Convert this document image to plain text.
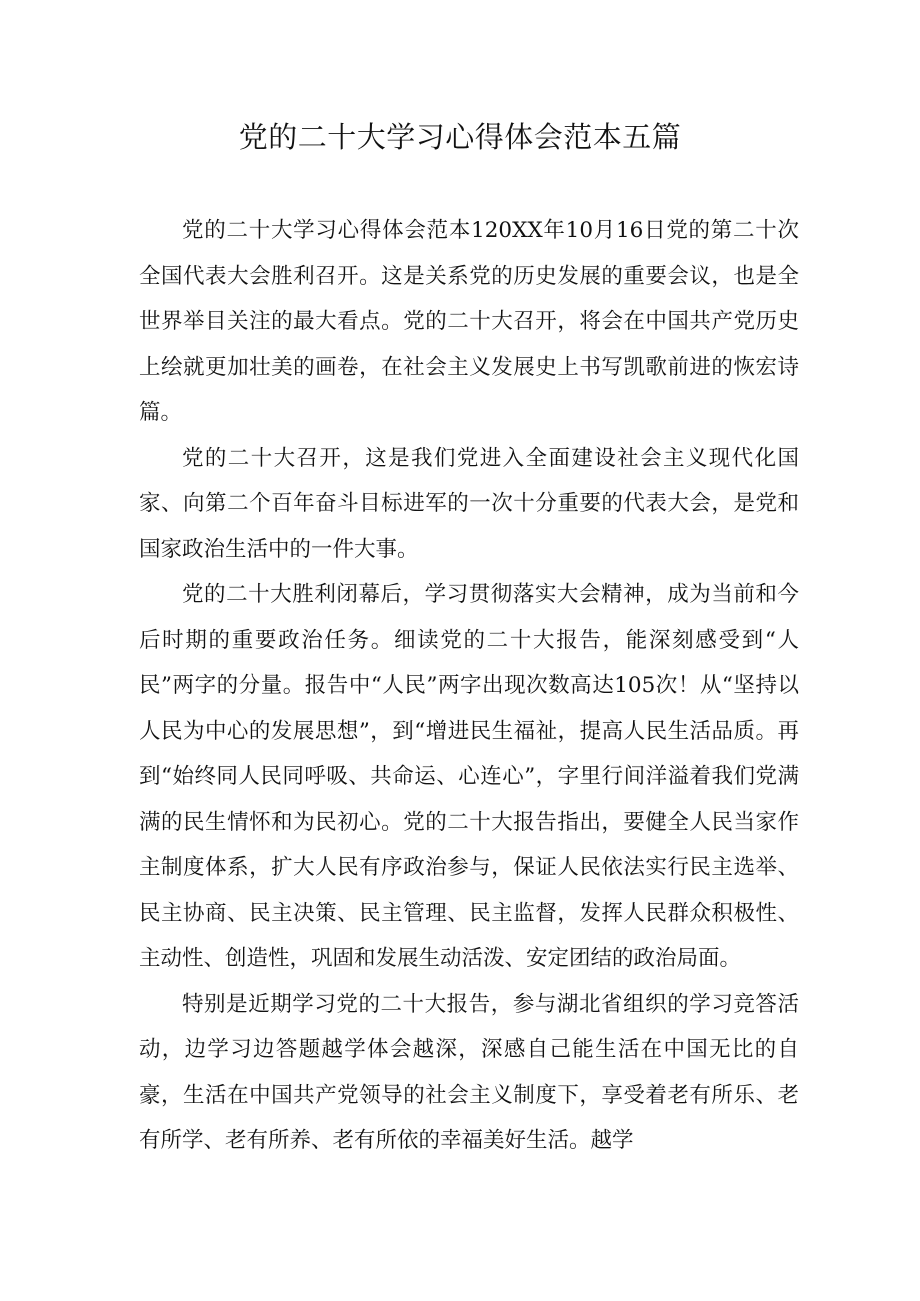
党的二十大学习心得体会范本五篇

党的二十大学习心得体会范本120XX年10月16日党的第二十次全国代表大会胜利召开。这是关系党的历史发展的重要会议，也是全世界举目关注的最大看点。党的二十大召开，将会在中国共产党历史上绘就更加壮美的画卷，在社会主义发展史上书写凯歌前进的恢宏诗篇。

党的二十大召开，这是我们党进入全面建设社会主义现代化国家、向第二个百年奋斗目标进军的一次十分重要的代表大会，是党和国家政治生活中的一件大事。

党的二十大胜利闭幕后，学习贯彻落实大会精神，成为当前和今后时期的重要政治任务。细读党的二十大报告，能深刻感受到“人民”两字的分量。报告中“人民”两字出现次数高达105次！从“坚持以人民为中心的发展思想”，到“增进民生福祉，提高人民生活品质。再到“始终同人民同呼吸、共命运、心连心”，字里行间洋溢着我们党满满的民生情怀和为民初心。党的二十大报告指出，要健全人民当家作主制度体系，扩大人民有序政治参与，保证人民依法实行民主选举、民主协商、民主决策、民主管理、民主监督，发挥人民群众积极性、主动性、创造性，巩固和发展生动活泼、安定团结的政治局面。

特别是近期学习党的二十大报告，参与湖北省组织的学习竞答活动，边学习边答题越学体会越深，深感自己能生活在中国无比的自豪，生活在中国共产党领导的社会主义制度下，享受着老有所乐、老有所学、老有所养、老有所依的幸福美好生活。越学
